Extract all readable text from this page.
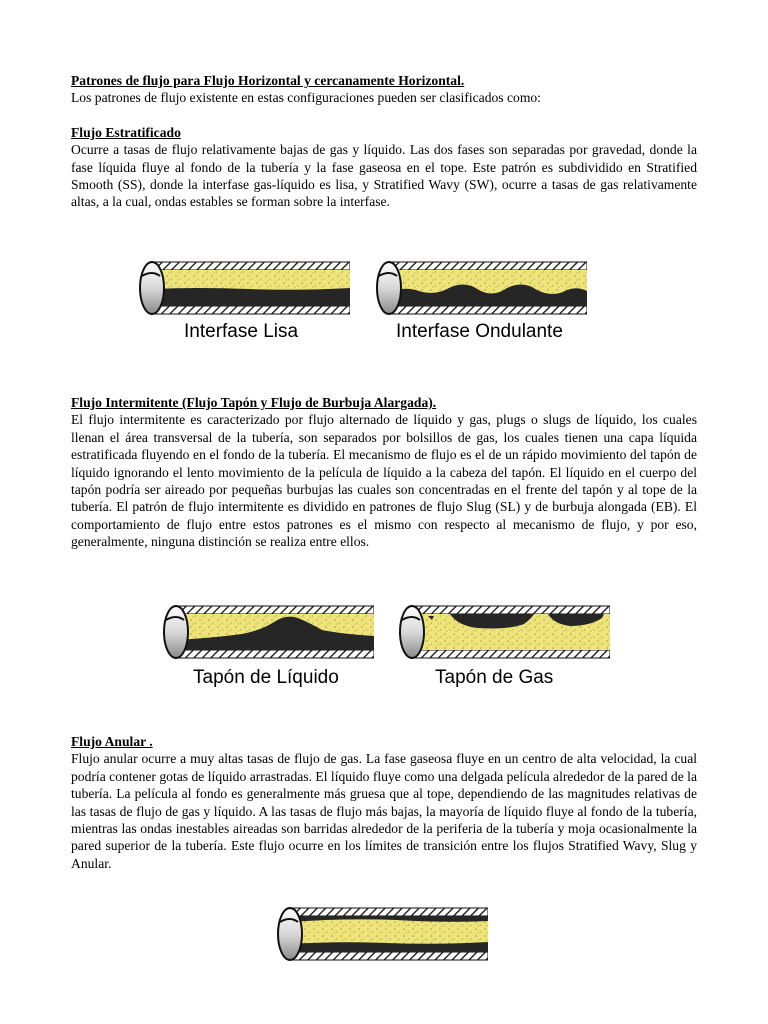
Patrones de flujo para Flujo Horizontal y cercanamente Horizontal.

Los patrones de flujo existente en estas configuraciones pueden ser clasificados como:

Flujo Estratificado

Ocurre a tasas de flujo relativamente bajas de gas y líquido. Las dos fases son separadas por gravedad, donde la fase líquida fluye al fondo de la tubería y la fase gaseosa en el tope. Este patrón es subdividido en Stratified Smooth (SS), donde la interfase gas-líquido es lisa, y Stratified Wavy (SW), ocurre a tasas de gas relativamente altas, a la cual, ondas estables se forman sobre la interfase.

Interfase Lisa	Interfase Ondulante
Flujo Intermitente (Flujo Tapón y Flujo de Burbuja Alargada).

El flujo intermitente es caracterizado por flujo alternado de líquido y gas, plugs o slugs de líquido, los cuales llenan el área transversal de la tubería, son separados por bolsillos de gas, los cuales tienen una capa líquida estratificada fluyendo en el fondo de la tubería. El mecanismo de flujo es el de un rápido movimiento del tapón de líquido ignorando el lento movimiento de la película de líquido a la cabeza del tapón. El líquido en el cuerpo del tapón podría ser aireado por pequeñas burbujas las cuales son concentradas en el frente del tapón y al tope de la tubería. El patrón de flujo intermitente es dividido en patrones de flujo Slug (SL) y de burbuja alongada (EB). El comportamiento de flujo entre estos patrones es el mismo con respecto al mecanismo de flujo, y por eso, generalmente, ninguna distinción se realiza entre ellos.

Tapón de Líquido	Tapón de Gas
Flujo Anular .

Flujo anular ocurre a muy altas tasas de flujo de gas. La fase gaseosa fluye en un centro de alta velocidad, la cual podría contener gotas de líquido arrastradas. El líquido fluye como una delgada película alrededor de la pared de la tubería. La película al fondo es generalmente más gruesa que al tope, dependiendo de las magnitudes relativas de las tasas de flujo de gas y líquido. A las tasas de flujo más bajas, la mayoría de líquido fluye al fondo de la tubería, mientras las ondas inestables aireadas son barridas alrededor de la periferia de la tubería y moja ocasionalmente la pared superior de la tubería. Este flujo ocurre en los límites de transición entre los flujos Stratified Wavy, Slug y Anular.
